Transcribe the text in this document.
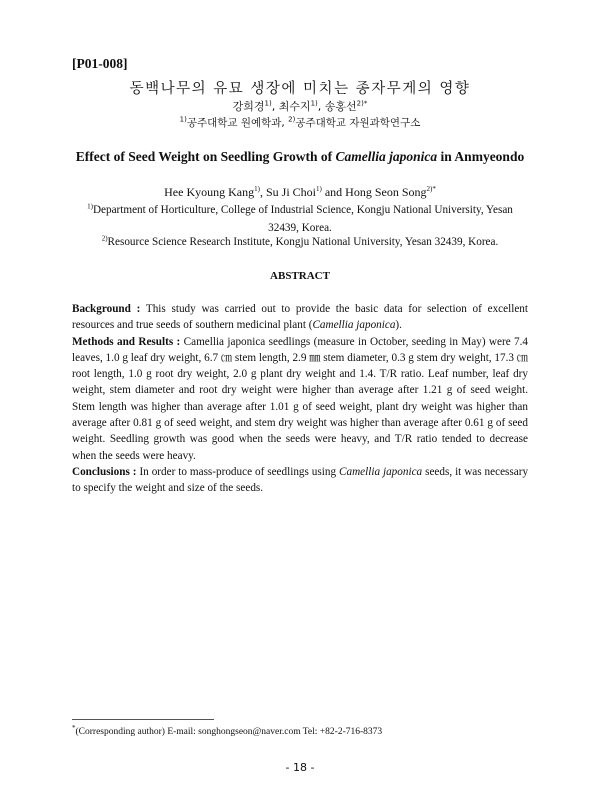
[P01-008]
동백나무의 유묘 생장에 미치는 종자무게의 영향
강희경$^{1)}$, 최수지$^{1)}$, 송홍선$^{2)*}$
$^{1)}$공주대학교 원예학과, $^{2)}$공주대학교 자원과학연구소
Effect of Seed Weight on Seedling Growth of Camellia japonica in Anmyeondo
Hee Kyoung Kang$^{1)}$, Su Ji Choi$^{1)}$ and Hong Seon Song$^{2)*}$
$^{1)}$Department of Horticulture, College of Industrial Science, Kongju National University, Yesan 32439, Korea.
$^{2)}$Resource Science Research Institute, Kongju National University, Yesan 32439, Korea.
ABSTRACT

Background : This study was carried out to provide the basic data for selection of excellent resources and true seeds of southern medicinal plant (Camellia japonica).

Methods and Results : Camellia japonica seedlings (measure in October, seeding in May) were 7.4 leaves, 1.0 g leaf dry weight, 6.7 ㎝ stem length, 2.9 ㎜ stem diameter, 0.3 g stem dry weight, 17.3 ㎝ root length, 1.0 g root dry weight, 2.0 g plant dry weight and 1.4. T/R ratio. Leaf number, leaf dry weight, stem diameter and root dry weight were higher than average after 1.21 g of seed weight. Stem length was higher than average after 1.01 g of seed weight, plant dry weight was higher than average after 0.81 g of seed weight, and stem dry weight was higher than average after 0.61 g of seed weight. Seedling growth was good when the seeds were heavy, and T/R ratio tended to decrease when the seeds were heavy.

Conclusions : In order to mass-produce of seedlings using Camellia japonica seeds, it was necessary to specify the weight and size of the seeds.

*(Corresponding author) E-mail: songhongseon@naver.com Tel: +82-2-716-8373
- 18 -
